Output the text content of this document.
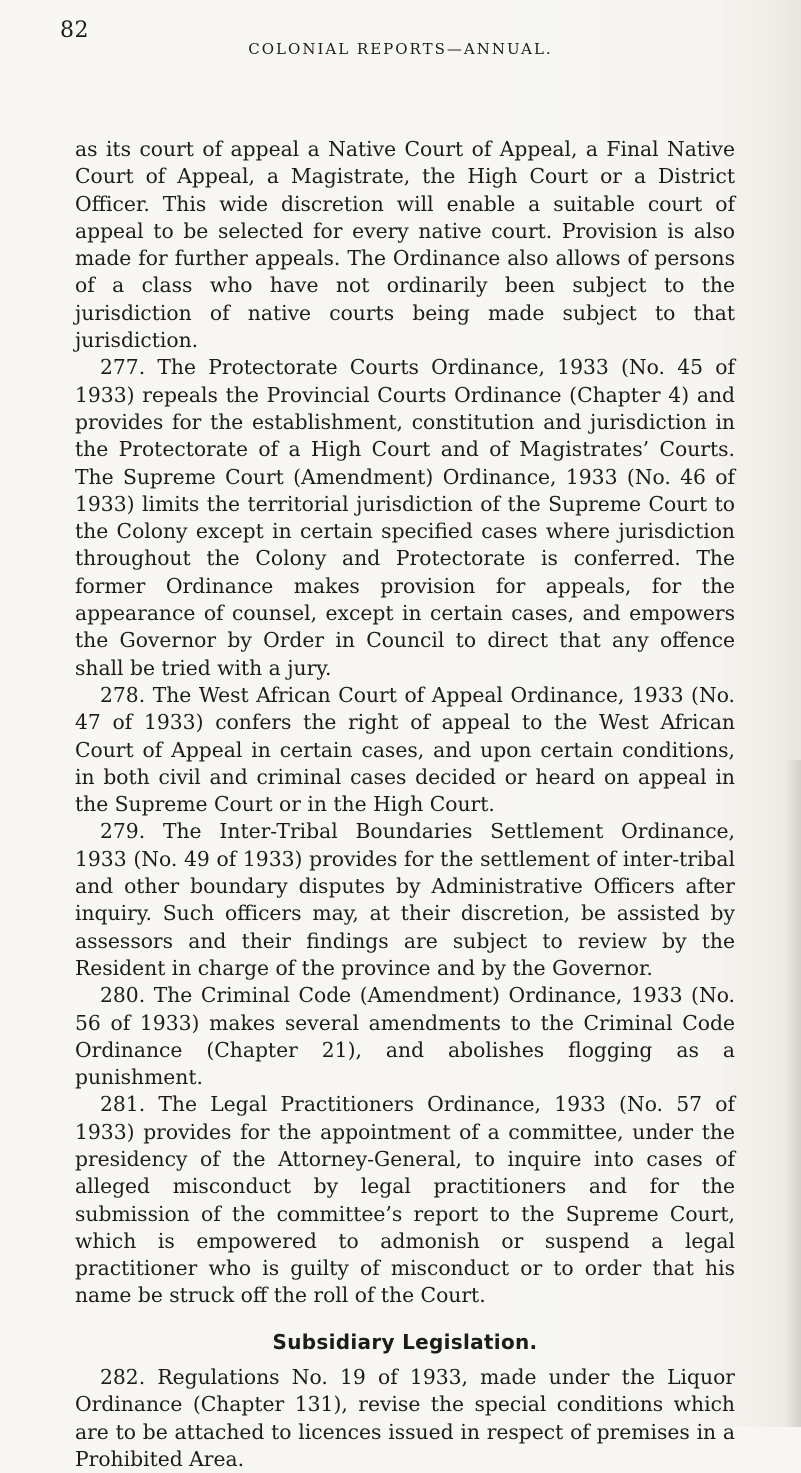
82
COLONIAL REPORTS—ANNUAL.

as its court of appeal a Native Court of Appeal, a Final Native Court of Appeal, a Magistrate, the High Court or a District Officer. This wide discretion will enable a suitable court of appeal to be selected for every native court. Provision is also made for further appeals. The Ordinance also allows of persons of a class who have not ordinarily been subject to the jurisdiction of native courts being made subject to that jurisdiction.

277. The Protectorate Courts Ordinance, 1933 (No. 45 of 1933) repeals the Provincial Courts Ordinance (Chapter 4) and provides for the establishment, constitution and jurisdiction in the Protectorate of a High Court and of Magistrates’ Courts. The Supreme Court (Amendment) Ordinance, 1933 (No. 46 of 1933) limits the territorial jurisdiction of the Supreme Court to the Colony except in certain specified cases where jurisdiction throughout the Colony and Protectorate is conferred. The former Ordinance makes provision for appeals, for the appearance of counsel, except in certain cases, and empowers the Governor by Order in Council to direct that any offence shall be tried with a jury.

278. The West African Court of Appeal Ordinance, 1933 (No. 47 of 1933) confers the right of appeal to the West African Court of Appeal in certain cases, and upon certain conditions, in both civil and criminal cases decided or heard on appeal in the Supreme Court or in the High Court.

279. The Inter-Tribal Boundaries Settlement Ordinance, 1933 (No. 49 of 1933) provides for the settlement of inter-tribal and other boundary disputes by Administrative Officers after inquiry. Such officers may, at their discretion, be assisted by assessors and their findings are subject to review by the Resident in charge of the province and by the Governor.

280. The Criminal Code (Amendment) Ordinance, 1933 (No. 56 of 1933) makes several amendments to the Criminal Code Ordinance (Chapter 21), and abolishes flogging as a punishment.

281. The Legal Practitioners Ordinance, 1933 (No. 57 of 1933) provides for the appointment of a committee, under the presidency of the Attorney-General, to inquire into cases of alleged misconduct by legal practitioners and for the submission of the committee’s report to the Supreme Court, which is empowered to admonish or suspend a legal practitioner who is guilty of misconduct or to order that his name be struck off the roll of the Court.

Subsidiary Legislation.

282. Regulations No. 19 of 1933, made under the Liquor Ordinance (Chapter 131), revise the special conditions which are to be attached to licences issued in respect of premises in a Prohibited Area.
